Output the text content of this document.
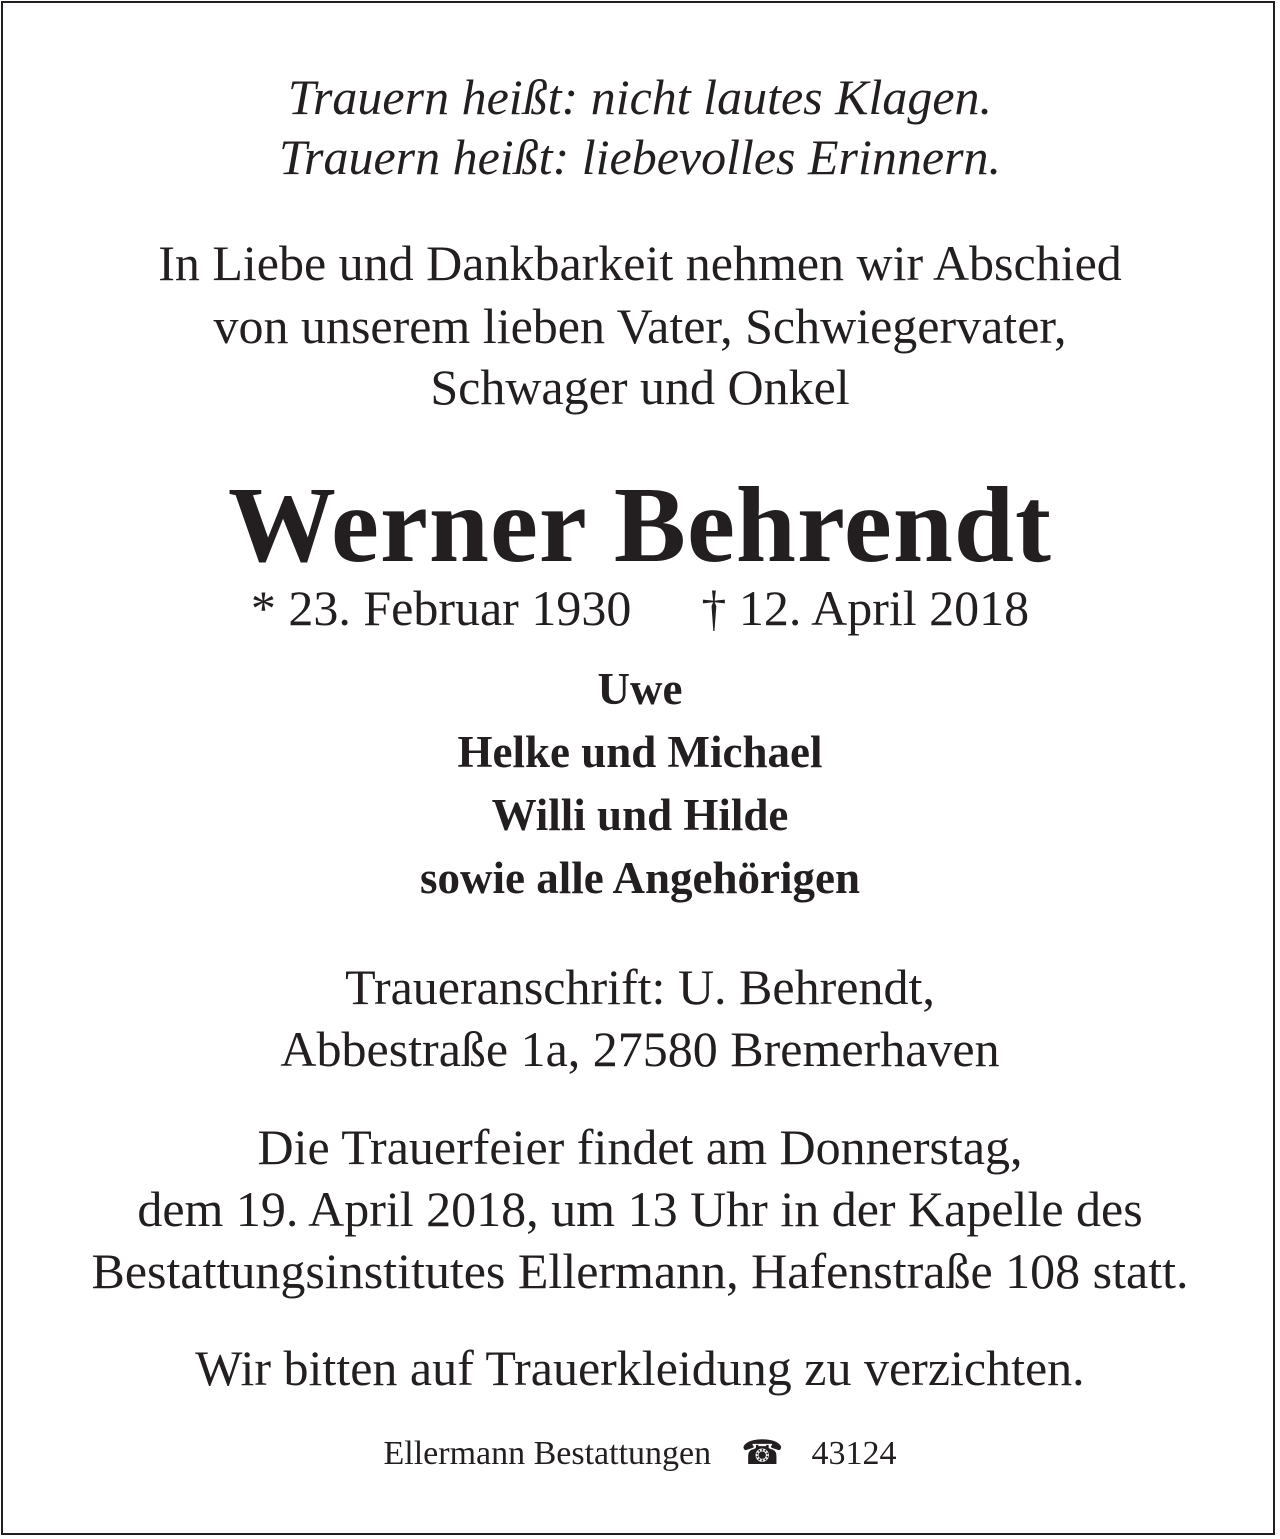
Trauern heißt: nicht lautes Klagen.
Trauern heißt: liebevolles Erinnern.
In Liebe und Dankbarkeit nehmen wir Abschied
von unserem lieben Vater, Schwiegervater,
Schwager und Onkel
Werner Behrendt
* 23. Februar 1930 † 12. April 2018
Uwe
Helke und Michael
Willi und Hilde
sowie alle Angehörigen
Traueranschrift: U. Behrendt,
Abbestraße 1a, 27580 Bremerhaven
Die Trauerfeier findet am Donnerstag,
dem 19. April 2018, um 13 Uhr in der Kapelle des
Bestattungsinstitutes Ellermann, Hafenstraße 108 statt.
Wir bitten auf Trauerkleidung zu verzichten.
Ellermann Bestattungen ☎ 43124
